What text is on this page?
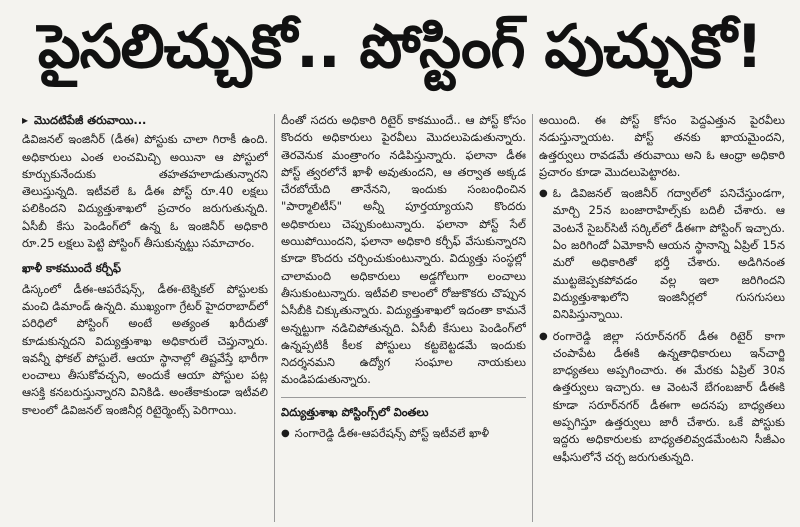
పైసలిచ్చుకో.. పోస్టింగ్ పుచ్చుకో!
▸ మొదటిపేజీ తరువాయి...

డివిజనల్ ఇంజినీర్ (డీఈ) పోస్టుకు చాలా గిరాకీ ఉంది. అధికారులు ఎంత లంచమిచ్చి అయినా ఆ పోస్టులో కూర్చుకునేందుకు తహతహలాడుతున్నారని తెలుస్తున్నది. ఇటీవలే ఓ డీఈ పోస్ట్ రూ.40 లక్షలు పలికిందని విద్యుత్తుశాఖలో ప్రచారం జరుగుతున్నది. ఏసీబీ కేసు పెండింగ్‌లో ఉన్న ఓ ఇంజినీర్ అధికారి రూ.25 లక్షలు పెట్టి పోస్టింగ్ తీసుకున్నట్టు సమాచారం.

ఖాళీ కాకముందే కర్చీఫ్

డిస్కంలో డీఈ-ఆపరేషన్స్, డీఈ-టెక్నికల్ పోస్టులకు మంచి డిమాండ్ ఉన్నది. ముఖ్యంగా గ్రేటర్ హైదరాబాద్‌లో పరిధిలో పోస్టింగ్ అంటే అత్యంత ఖరీదుతో కూడుకున్నదని విద్యుత్తుశాఖ అధికారులే చెప్తున్నారు. ఇవన్నీ ఫోకల్ పోస్టులే. ఆయా స్థానాల్లో తిష్టవేస్తే భారీగా లంచాలు తీసుకోవచ్చని, అందుకే ఆయా పోస్టుల పట్ల ఆసక్తి కనబరుస్తున్నారని వినికిడి. అంతేకాకుండా ఇటీవలి కాలంలో డివిజనల్ ఇంజినీర్ల రిటైర్మెంట్స్ పెరిగాయి.

దీంతో సదరు అధికారి రిటైర్ కాకముందే.. ఆ పోస్ట్ కోసం కొందరు అధికారులు పైరవీలు మొదలుపెడుతున్నారు. తెరవెనుక మంత్రాంగం నడిపిస్తున్నారు. ఫలానా డీఈ పోస్ట్ త్వరలోనే ఖాళీ అవుతుందని, ఆ తర్వాత అక్కడ చేరబోయేది తానేనని, ఇందుకు సంబంధించిన "పార్మాలిటీస్" అన్నీ పూర్తయ్యాయని కొందరు అధికారులు చెప్పుకుంటున్నారు. ఫలానా పోస్ట్ సేల్ అయిపోయిందని, ఫలానా అధికారి కర్చీఫ్ వేసుకున్నారని కూడా కొందరు చర్చించుకుంటున్నారు. విద్యుత్తు సంస్థల్లో చాలామంది అధికారులు అడ్డగోలుగా లంచాలు తీసుకుంటున్నారు. ఇటీవలి కాలంలో రోజుకొకరు చొప్పున ఏసీబీకి చిక్కుతున్నారు. విద్యుత్తుశాఖలో ఇదంతా కామనే అన్నట్టుగా నడిచిపోతున్నది. ఏసీబీ కేసులు పెండింగ్‌లో ఉన్నప్పటికీ కీలక పోస్టులు కట్టబెట్టడమే ఇందుకు నిదర్శనమని ఉద్యోగ సంఘాల నాయకులు మండిపడుతున్నారు.

విద్యుత్తుశాఖ పోస్టింగ్స్‌లో వింతలు
● సంగారెడ్డి డీఈ-ఆపరేషన్స్ పోస్ట్ ఇటీవలే ఖాళీ

అయింది. ఈ పోస్ట్ కోసం పెద్దఎత్తున పైరవీలు నడుస్తున్నాయట. పోస్ట్ తనకు ఖాయమైందని, ఉత్తర్వులు రావడమే తరువాయి అని ఓ ఆంధ్రా అధికారి ప్రచారం కూడా మొదలుపెట్టారట.

● ఓ డివిజనల్ ఇంజినీర్ గద్వాల్‌లో పనిచేస్తుండగా, మార్చి 25న బంజారాహిల్స్‌కు బదిలీ చేశారు. ఆ వెంటనే సైబర్‌సిటీ సర్కిల్‌లో డీఈగా పోస్టింగ్ ఇచ్చారు. ఏం జరిగిందో ఏమోకానీ ఆయన స్థానాన్ని ఏప్రిల్ 15న మరో అధికారితో భర్తీ చేశారు. అడిగినంత ముట్టజెప్పకపోవడం వల్ల ఇలా జరిగిందని విద్యుత్తుశాఖలోని ఇంజినీర్లలో గుసగుసలు వినిపిస్తున్నాయి.

● రంగారెడ్డి జిల్లా సరూర్‌నగర్ డీఈ రిటైర్ కాగా చంపాపేట డీఈకి ఉన్నతాధికారులు ఇన్‌చార్జి బాధ్యతలు అప్పగించారు. ఈ మేరకు ఏప్రిల్ 30న ఉత్తర్వులు ఇచ్చారు. ఆ వెంటనే బేగంబజార్ డీఈకి కూడా సరూర్‌నగర్ డీఈగా అదనపు బాధ్యతలు అప్పగిస్తూ ఉత్తర్వులు జారీ చేశారు. ఒకే పోస్టుకు ఇద్దరు అధికారులకు బాధ్యతలివ్వడమేంటని సీజీఎం ఆఫీసులోనే చర్చ జరుగుతున్నది.
